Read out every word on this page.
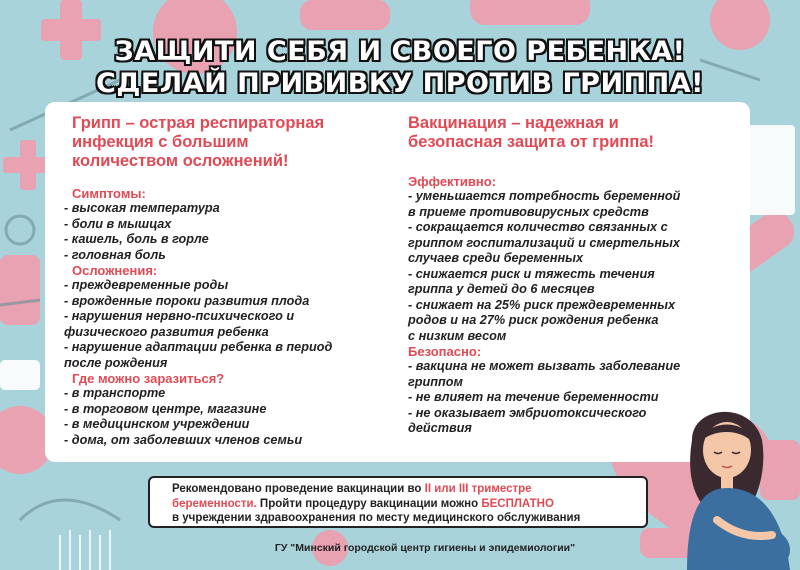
ЗАЩИТИ СЕБЯ И СВОЕГО РЕБЕНКА!
СДЕЛАЙ ПРИВИВКУ ПРОТИВ ГРИППА!
Грипп – острая респираторная
инфекция с большим
количеством осложнений!

Симптомы:

- высокая температура

- боли в мышцах

- кашель, боль в горле

- головная боль

Осложнения:

- преждевременные роды

- врожденные пороки развития плода

- нарушения нервно-психического и

физического развития ребенка

- нарушение адаптации ребенка в период

после рождения

Где можно заразиться?

- в транспорте

- в торговом центре, магазине

- в медицинском учреждении

- дома, от заболевших членов семьи

Вакцинация – надежная и
безопасная защита от гриппа!

Эффективно:

- уменьшается потребность беременной

в приеме противовирусных средств

- сокращается количество связанных с

гриппом госпитализаций и смертельных

случаев среди беременных

- снижается риск и тяжесть течения

гриппа у детей до 6 месяцев

- снижает на 25% риск преждевременных

родов и на 27% риск рождения ребенка

с низким весом

Безопасно:

- вакцина не может вызвать заболевание

гриппом

- не влияет на течение беременности

- не оказывает эмбриотоксического

действия

Рекомендовано проведение вакцинации во II или III триместре
беременности. Пройти процедуру вакцинации можно БЕСПЛАТНО
в учреждении здравоохранения по месту медицинского обслуживания
ГУ "Минский городской центр гигиены и эпидемиологии"
